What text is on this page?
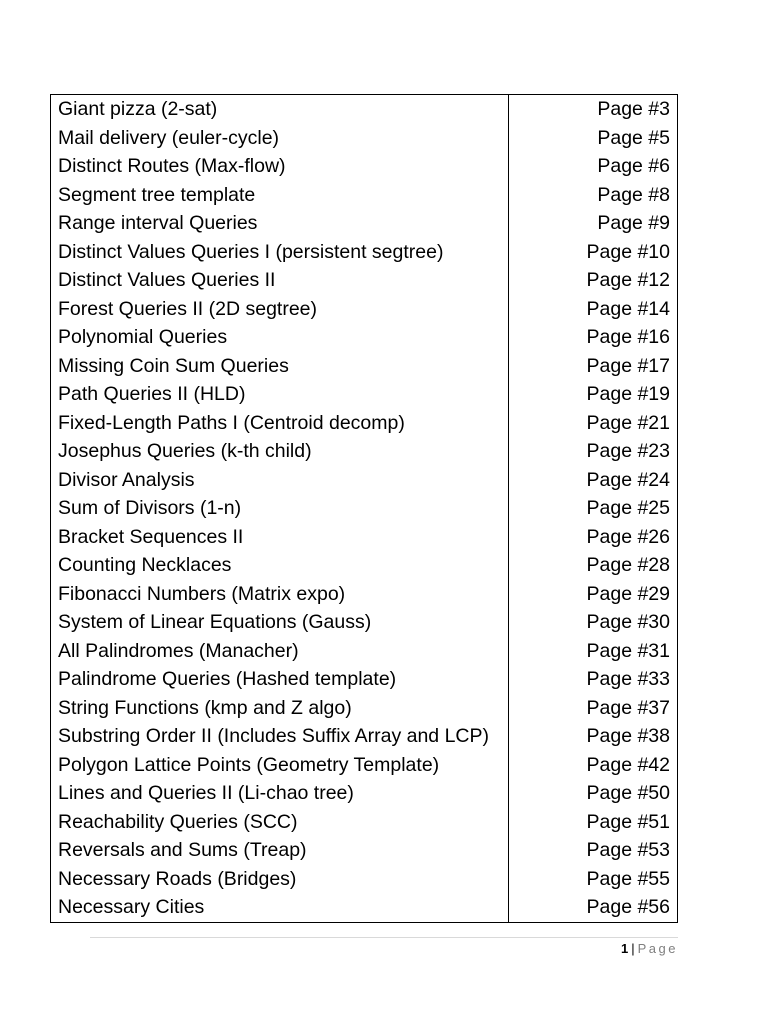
Giant pizza (2-sat)	Page #3
Mail delivery (euler-cycle)	Page #5
Distinct Routes (Max-flow)	Page #6
Segment tree template	Page #8
Range interval Queries	Page #9
Distinct Values Queries I (persistent segtree)	Page #10
Distinct Values Queries II	Page #12
Forest Queries II (2D segtree)	Page #14
Polynomial Queries	Page #16
Missing Coin Sum Queries	Page #17
Path Queries II (HLD)	Page #19
Fixed-Length Paths I (Centroid decomp)	Page #21
Josephus Queries (k-th child)	Page #23
Divisor Analysis	Page #24
Sum of Divisors (1-n)	Page #25
Bracket Sequences II	Page #26
Counting Necklaces	Page #28
Fibonacci Numbers (Matrix expo)	Page #29
System of Linear Equations (Gauss)	Page #30
All Palindromes (Manacher)	Page #31
Palindrome Queries (Hashed template)	Page #33
String Functions (kmp and Z algo)	Page #37
Substring Order II (Includes Suffix Array and LCP)	Page #38
Polygon Lattice Points (Geometry Template)	Page #42
Lines and Queries II (Li-chao tree)	Page #50
Reachability Queries (SCC)	Page #51
Reversals and Sums (Treap)	Page #53
Necessary Roads (Bridges)	Page #55
Necessary Cities	Page #56
1 | Page
